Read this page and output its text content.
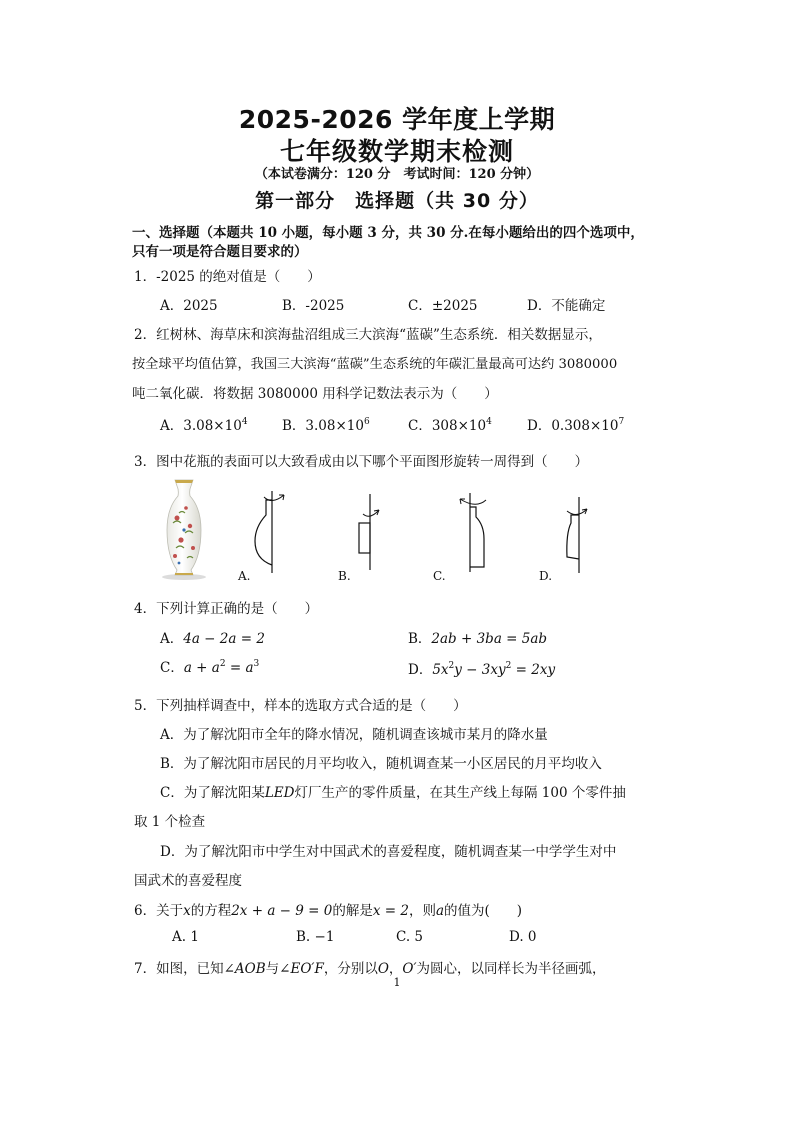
2025-2026 学年度上学期
七年级数学期末检测
（本试卷满分：120 分　考试时间：120 分钟）
第一部分　选择题（共 30 分）
一、选择题（本题共 10 小题，每小题 3 分，共 30 分.在每小题给出的四个选项中，
只有一项是符合题目要求的）
1．-2025 的绝对值是（　　）
A．2025	B．-2025	C．±2025	D．不能确定
2．红树林、海草床和滨海盐沼组成三大滨海“蓝碳”生态系统．相关数据显示，
按全球平均值估算，我国三大滨海“蓝碳”生态系统的年碳汇量最高可达约 3080000
吨二氧化碳．将数据 3080000 用科学记数法表示为（　　）
A．$3.08\times 10^4$	B．$3.08\times 10^6$	C．$308\times 10^4$	D．$0.308\times 10^7$
3．图中花瓶的表面可以大致看成由以下哪个平面图形旋转一周得到（　　）
A.	B.	C.	D.
4．下列计算正确的是（　　）
A．4a − 2a = 2	B．2ab + 3ba = 5ab
C．$a + a^2 = a^3$	D．$5x^2y - 3xy^2 = 2xy$
5．下列抽样调查中，样本的选取方式合适的是（　　）
A．为了解沈阳市全年的降水情况，随机调查该城市某月的降水量
B．为了解沈阳市居民的月平均收入，随机调查某一小区居民的月平均收入
C．为了解沈阳某LED灯厂生产的零件质量，在其生产线上每隔 100 个零件抽
取 1 个检查
D．为了解沈阳市中学生对中国武术的喜爱程度，随机调查某一中学学生对中
国武术的喜爱程度
6．关于x的方程2x + a − 9 = 0的解是x = 2，则a的值为(　　)
A. 1	B. −1	C. 5	D. 0
7．如图，已知∠AOB与∠EO′F，分别以O，O′为圆心，以同样长为半径画弧，
1
